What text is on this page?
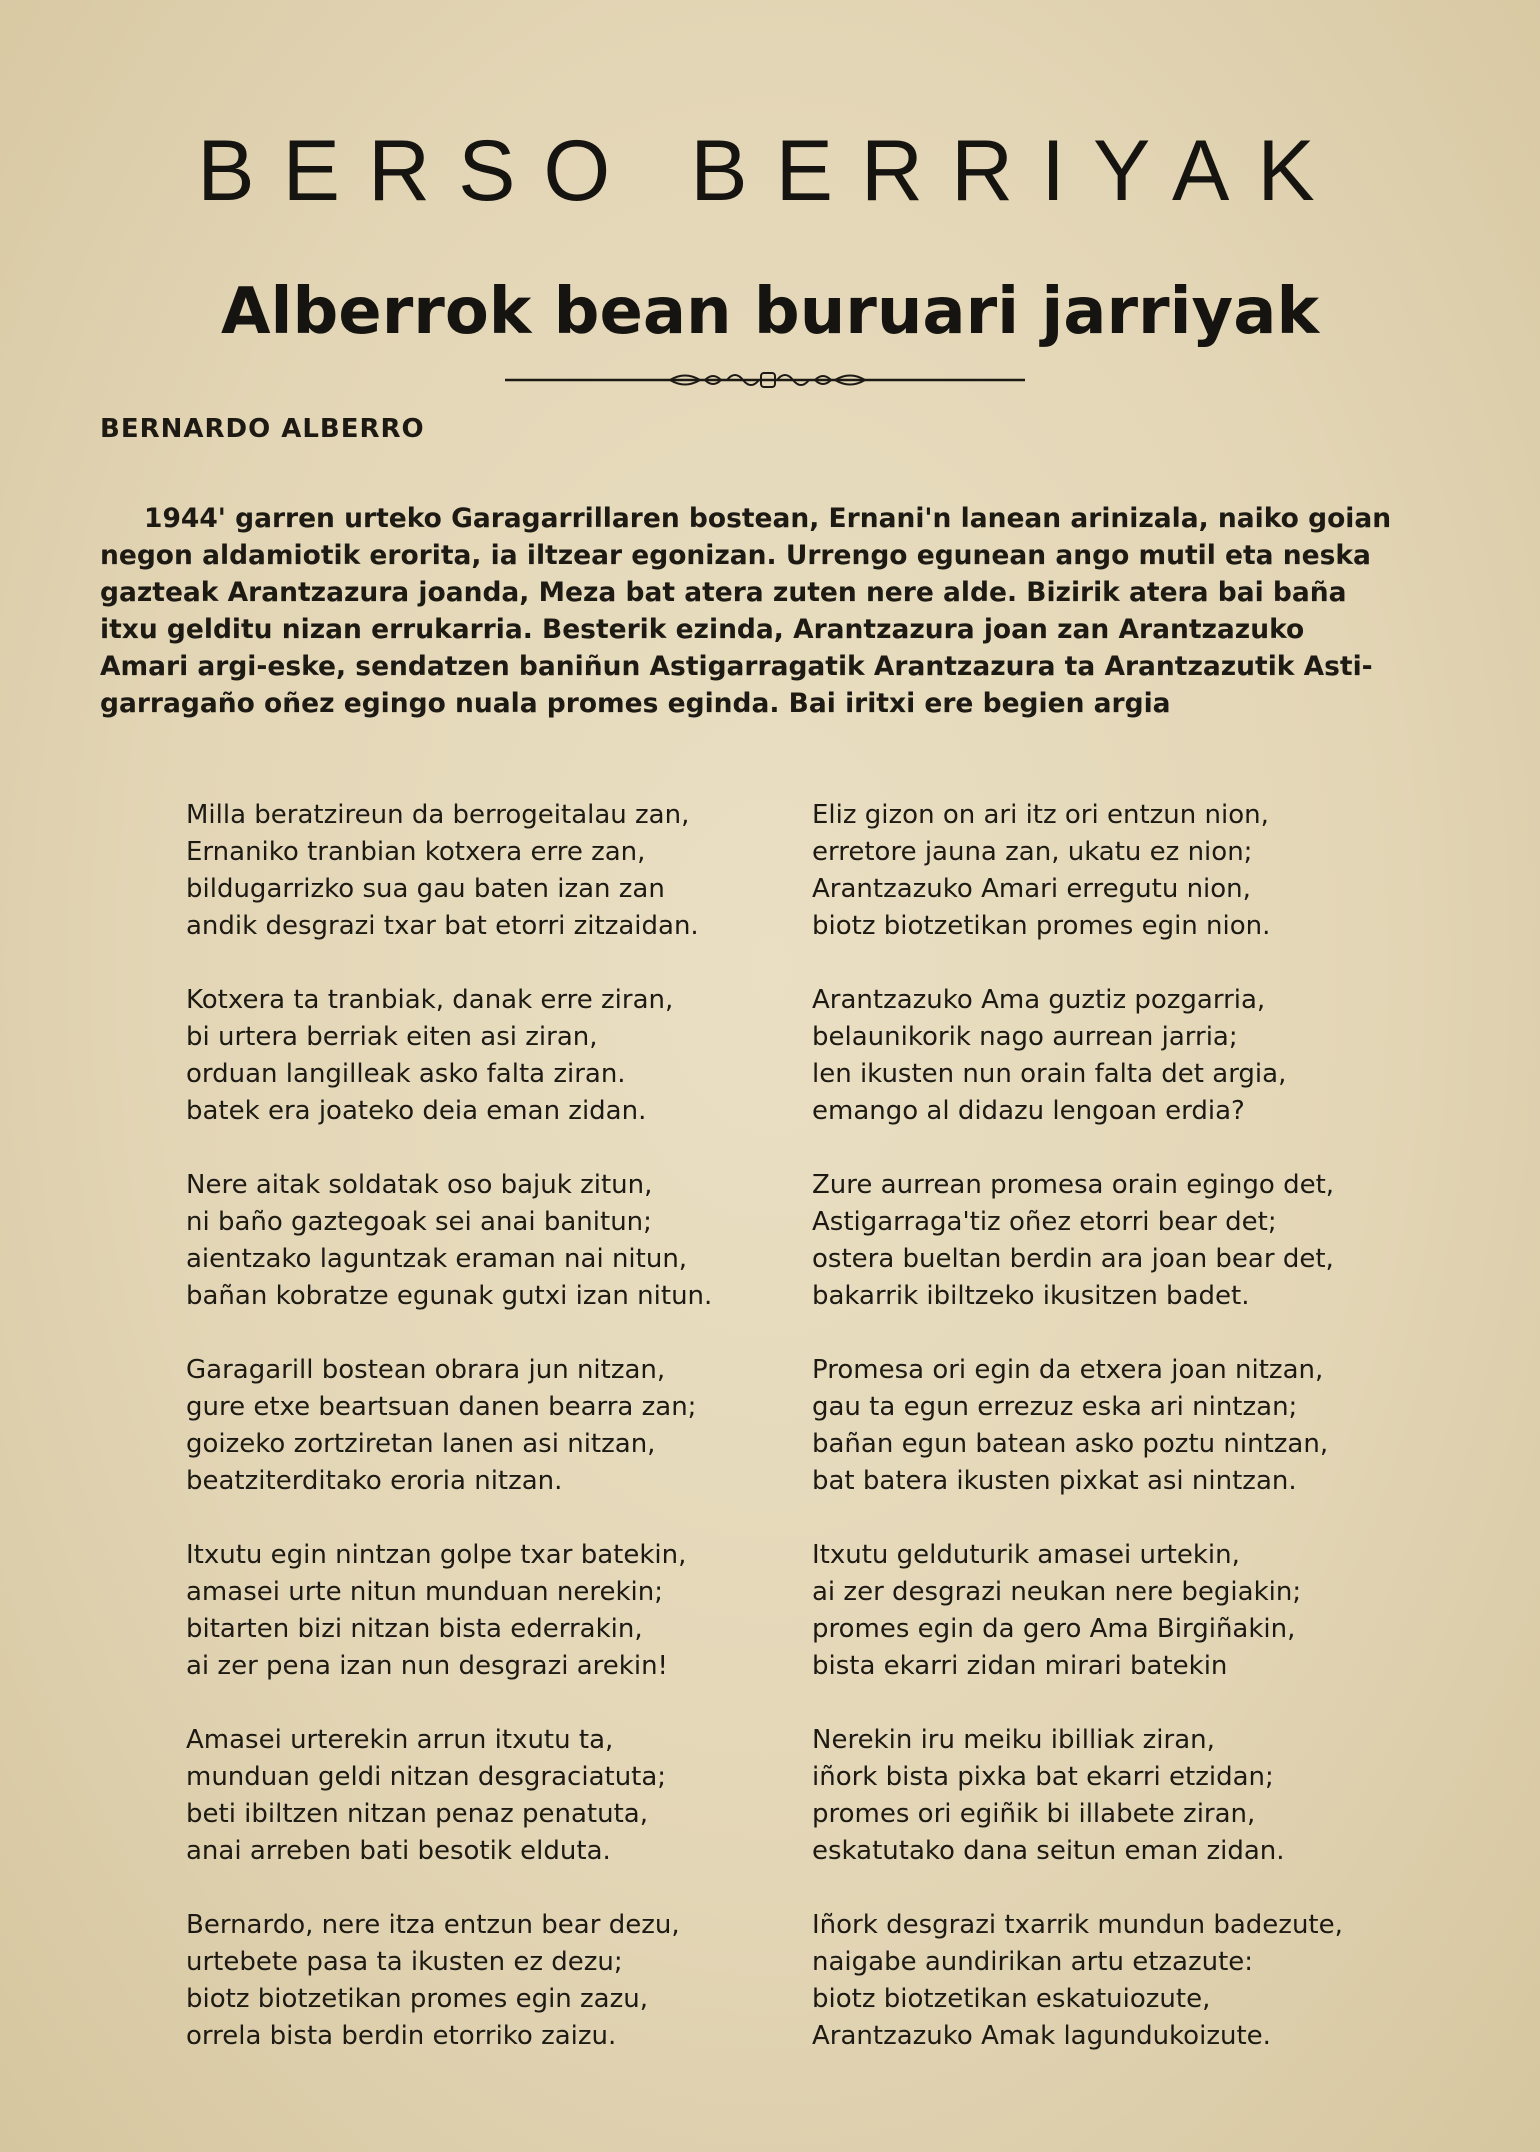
BERSO BERRIYAK
Alberrok bean buruari jarriyak
BERNARDO ALBERRO
1944' garren urteko Garagarrillaren bostean, Ernani'n lanean arinizala, naiko goian
negon aldamiotik erorita, ia iltzear egonizan. Urrengo egunean ango mutil eta neska
gazteak Arantzazura joanda, Meza bat atera zuten nere alde. Bizirik atera bai baña
itxu gelditu nizan errukarria. Besterik ezinda, Arantzazura joan zan Arantzazuko
Amari argi-eske, sendatzen baniñun Astigarragatik Arantzazura ta Arantzazutik Asti-
garragaño oñez egingo nuala promes eginda. Bai iritxi ere begien argia
Milla beratzireun da berrogeitalau zan,
Ernaniko tranbian kotxera erre zan,
bildugarrizko sua gau baten izan zan
andik desgrazi txar bat etorri zitzaidan.
Kotxera ta tranbiak, danak erre ziran,
bi urtera berriak eiten asi ziran,
orduan langilleak asko falta ziran.
batek era joateko deia eman zidan.
Nere aitak soldatak oso bajuk zitun,
ni baño gaztegoak sei anai banitun;
aientzako laguntzak eraman nai nitun,
bañan kobratze egunak gutxi izan nitun.
Garagarill bostean obrara jun nitzan,
gure etxe beartsuan danen bearra zan;
goizeko zortziretan lanen asi nitzan,
beatziterditako eroria nitzan.
Itxutu egin nintzan golpe txar batekin,
amasei urte nitun munduan nerekin;
bitarten bizi nitzan bista ederrakin,
ai zer pena izan nun desgrazi arekin!
Amasei urterekin arrun itxutu ta,
munduan geldi nitzan desgraciatuta;
beti ibiltzen nitzan penaz penatuta,
anai arreben bati besotik elduta.
Bernardo, nere itza entzun bear dezu,
urtebete pasa ta ikusten ez dezu;
biotz biotzetikan promes egin zazu,
orrela bista berdin etorriko zaizu.
Eliz gizon on ari itz ori entzun nion,
erretore jauna zan, ukatu ez nion;
Arantzazuko Amari erregutu nion,
biotz biotzetikan promes egin nion.
Arantzazuko Ama guztiz pozgarria,
belaunikorik nago aurrean jarria;
len ikusten nun orain falta det argia,
emango al didazu lengoan erdia?
Zure aurrean promesa orain egingo det,
Astigarraga'tiz oñez etorri bear det;
ostera bueltan berdin ara joan bear det,
bakarrik ibiltzeko ikusitzen badet.
Promesa ori egin da etxera joan nitzan,
gau ta egun errezuz eska ari nintzan;
bañan egun batean asko poztu nintzan,
bat batera ikusten pixkat asi nintzan.
Itxutu gelduturik amasei urtekin,
ai zer desgrazi neukan nere begiakin;
promes egin da gero Ama Birgiñakin,
bista ekarri zidan mirari batekin
Nerekin iru meiku ibilliak ziran,
iñork bista pixka bat ekarri etzidan;
promes ori egiñik bi illabete ziran,
eskatutako dana seitun eman zidan.
Iñork desgrazi txarrik mundun badezute,
naigabe aundirikan artu etzazute:
biotz biotzetikan eskatuiozute,
Arantzazuko Amak lagundukoizute.
